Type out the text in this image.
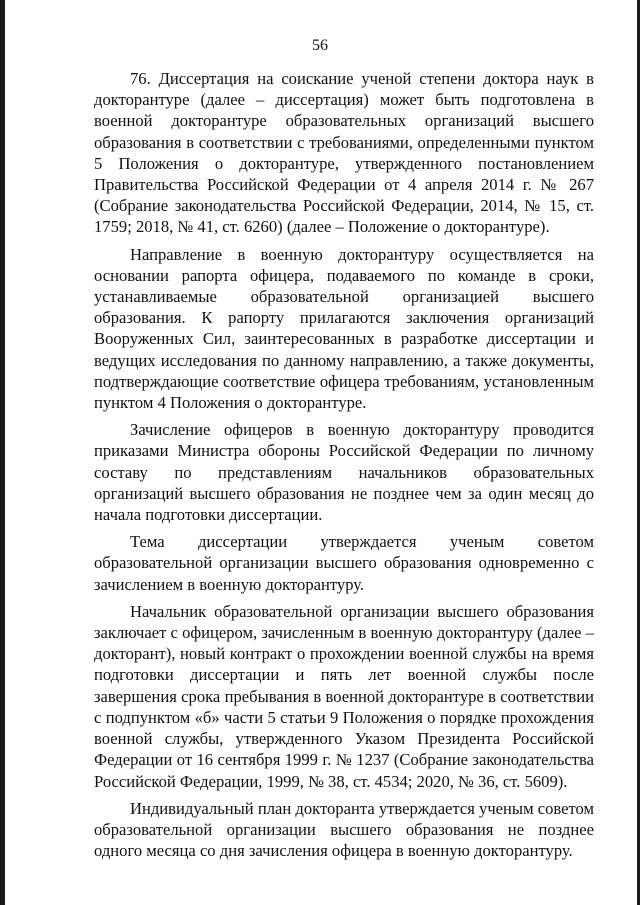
56

76. Диссертация на соискание ученой степени доктора наук в докторантуре (далее – диссертация) может быть подготовлена в военной докторантуре образовательных организаций высшего образования в соответствии с требованиями, определенными пунктом 5 Положения о докторантуре, утвержденного постановлением Правительства Российской Федерации от 4 апреля 2014 г. № 267 (Собрание законодательства Российской Федерации, 2014, № 15, ст. 1759; 2018, № 41, ст. 6260) (далее – Положение о докторантуре).

Направление в военную докторантуру осуществляется на основании рапорта офицера, подаваемого по команде в сроки, устанавливаемые образовательной организацией высшего образования. К рапорту прилагаются заключения организаций Вооруженных Сил, заинтересованных в разработке диссертации и ведущих исследования по данному направлению, а также документы, подтверждающие соответствие офицера требованиям, установленным пунктом 4 Положения о докторантуре.

Зачисление офицеров в военную докторантуру проводится приказами Министра обороны Российской Федерации по личному составу по представлениям начальников образовательных организаций высшего образования не позднее чем за один месяц до начала подготовки диссертации.

Тема диссертации утверждается ученым советом образовательной организации высшего образования одновременно с зачислением в военную докторантуру.

Начальник образовательной организации высшего образования заключает с офицером, зачисленным в военную докторантуру (далее – докторант), новый контракт о прохождении военной службы на время подготовки диссертации и пять лет военной службы после завершения срока пребывания в военной докторантуре в соответствии с подпунктом «б» части 5 статьи 9 Положения о порядке прохождения военной службы, утвержденного Указом Президента Российской Федерации от 16 сентября 1999 г. № 1237 (Собрание законодательства Российской Федерации, 1999, № 38, ст. 4534; 2020, № 36, ст. 5609).

Индивидуальный план докторанта утверждается ученым советом образовательной организации высшего образования не позднее одного месяца со дня зачисления офицера в военную докторантуру.
